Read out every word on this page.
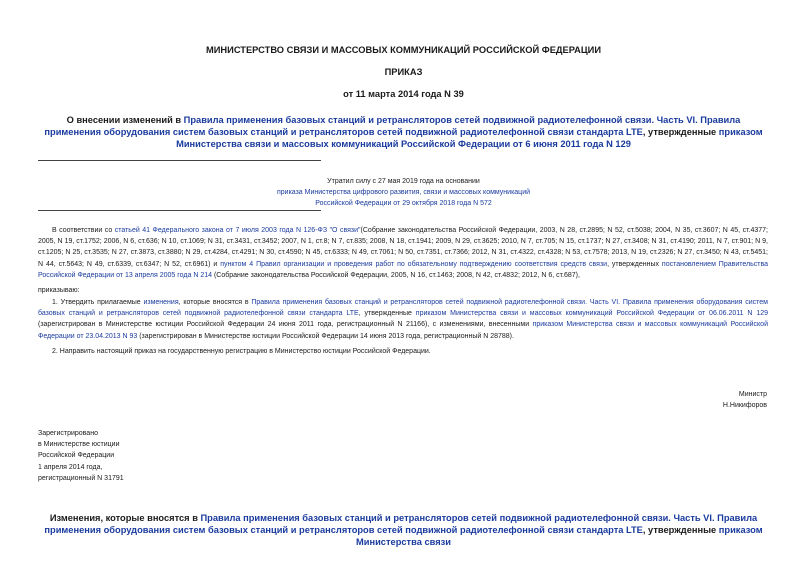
МИНИСТЕРСТВО СВЯЗИ И МАССОВЫХ КОММУНИКАЦИЙ РОССИЙСКОЙ ФЕДЕРАЦИИ
ПРИКАЗ
от 11 марта 2014 года N 39
О внесении изменений в Правила применения базовых станций и ретрансляторов сетей подвижной радиотелефонной связи. Часть VI. Правила применения оборудования систем базовых станций и ретрансляторов сетей подвижной радиотелефонной связи стандарта LTE, утвержденные приказом Министерства связи и массовых коммуникаций Российской Федерации от 6 июня 2011 года N 129
Утратил силу с 27 мая 2019 года на основании
приказа Министерства цифрового развития, связи и массовых коммуникаций
Российской Федерации от 29 октября 2018 года N 572
В соответствии со статьей 41 Федерального закона от 7 июля 2003 года N 126-ФЗ "О связи"(Собрание законодательства Российской Федерации, 2003, N 28, ст.2895; N 52, ст.5038; 2004, N 35, ст.3607; N 45, ст.4377; 2005, N 19, ст.1752; 2006, N 6, ст.636; N 10, ст.1069; N 31, ст.3431, ст.3452; 2007, N 1, ст.8; N 7, ст.835; 2008, N 18, ст.1941; 2009, N 29, ст.3625; 2010, N 7, ст.705; N 15, ст.1737; N 27, ст.3408; N 31, ст.4190; 2011, N 7, ст.901; N 9, ст.1205; N 25, ст.3535; N 27, ст.3873, ст.3880; N 29, ст.4284, ст.4291; N 30, ст.4590; N 45, ст.6333; N 49, ст.7061; N 50, ст.7351, ст.7366; 2012, N 31, ст.4322, ст.4328; N 53, ст.7578; 2013, N 19, ст.2326; N 27, ст.3450; N 43, ст.5451; N 44, ст.5643; N 49, ст.6339, ст.6347; N 52, ст.6961) и пунктом 4 Правил организации и проведения работ по обязательному подтверждению соответствия средств связи, утвержденных постановлением Правительства Российской Федерации от 13 апреля 2005 года N 214 (Собрание законодательства Российской Федерации, 2005, N 16, ст.1463; 2008, N 42, ст.4832; 2012, N 6, ст.687),
приказываю:
1. Утвердить прилагаемые изменения, которые вносятся в Правила применения базовых станций и ретрансляторов сетей подвижной радиотелефонной связи. Часть VI. Правила применения оборудования систем базовых станций и ретрансляторов сетей подвижной радиотелефонной связи стандарта LTE, утвержденные приказом Министерства связи и массовых коммуникаций Российской Федерации от 06.06.2011 N 129 (зарегистрирован в Министерстве юстиции Российской Федерации 24 июня 2011 года, регистрационный N 21166), с изменениями, внесенными приказом Министерства связи и массовых коммуникаций Российской Федерации от 23.04.2013 N 93 (зарегистрирован в Министерстве юстиции Российской Федерации 14 июня 2013 года, регистрационный N 28788).
2. Направить настоящий приказ на государственную регистрацию в Министерство юстиции Российской Федерации.
Министр
Н.Никифоров
Зарегистрировано
в Министерстве юстиции
Российской Федерации
1 апреля 2014 года,
регистрационный N 31791
Изменения, которые вносятся в Правила применения базовых станций и ретрансляторов сетей подвижной радиотелефонной связи. Часть VI. Правила применения оборудования систем базовых станций и ретрансляторов сетей подвижной радиотелефонной связи стандарта LTE, утвержденные приказом Министерства связи
